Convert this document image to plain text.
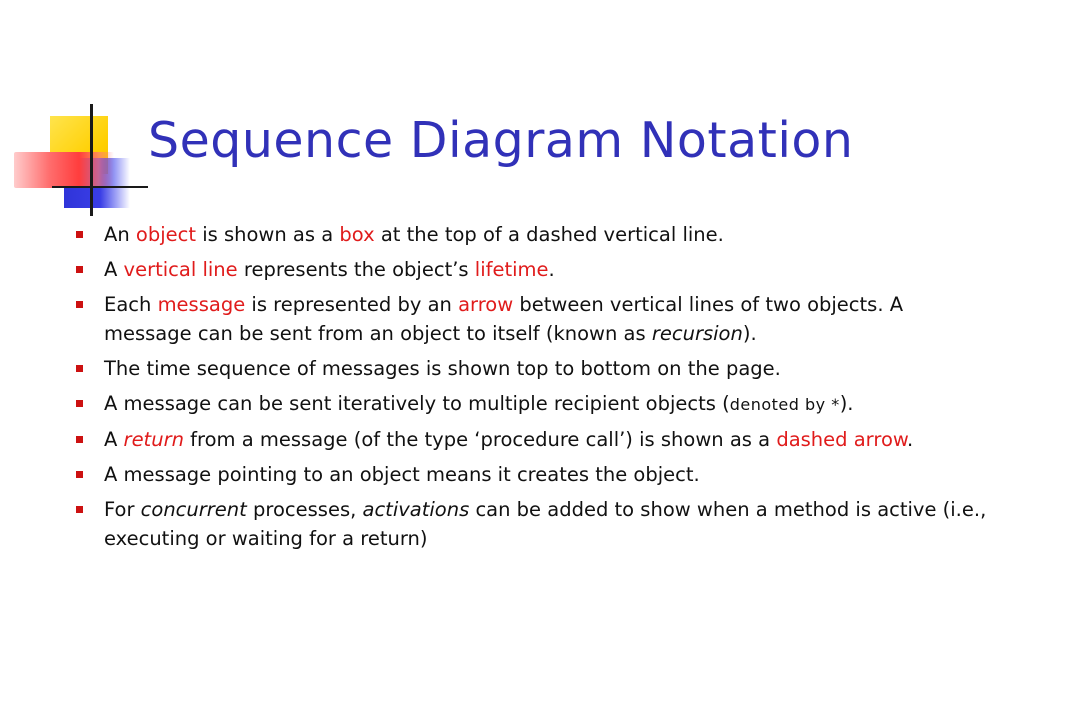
Sequence Diagram Notation
An object is shown as a box at the top of a dashed vertical line.
A vertical line represents the object’s lifetime.
Each message is represented by an arrow between vertical lines of two objects. A message can be sent from an object to itself (known as recursion).
The time sequence of messages is shown top to bottom on the page.
A message can be sent iteratively to multiple recipient objects (denoted by *).
A return from a message (of the type ‘procedure call’) is shown as a dashed arrow.
A message pointing to an object means it creates the object.
For concurrent processes, activations can be added to show when a method is active (i.e., executing or waiting for a return)
